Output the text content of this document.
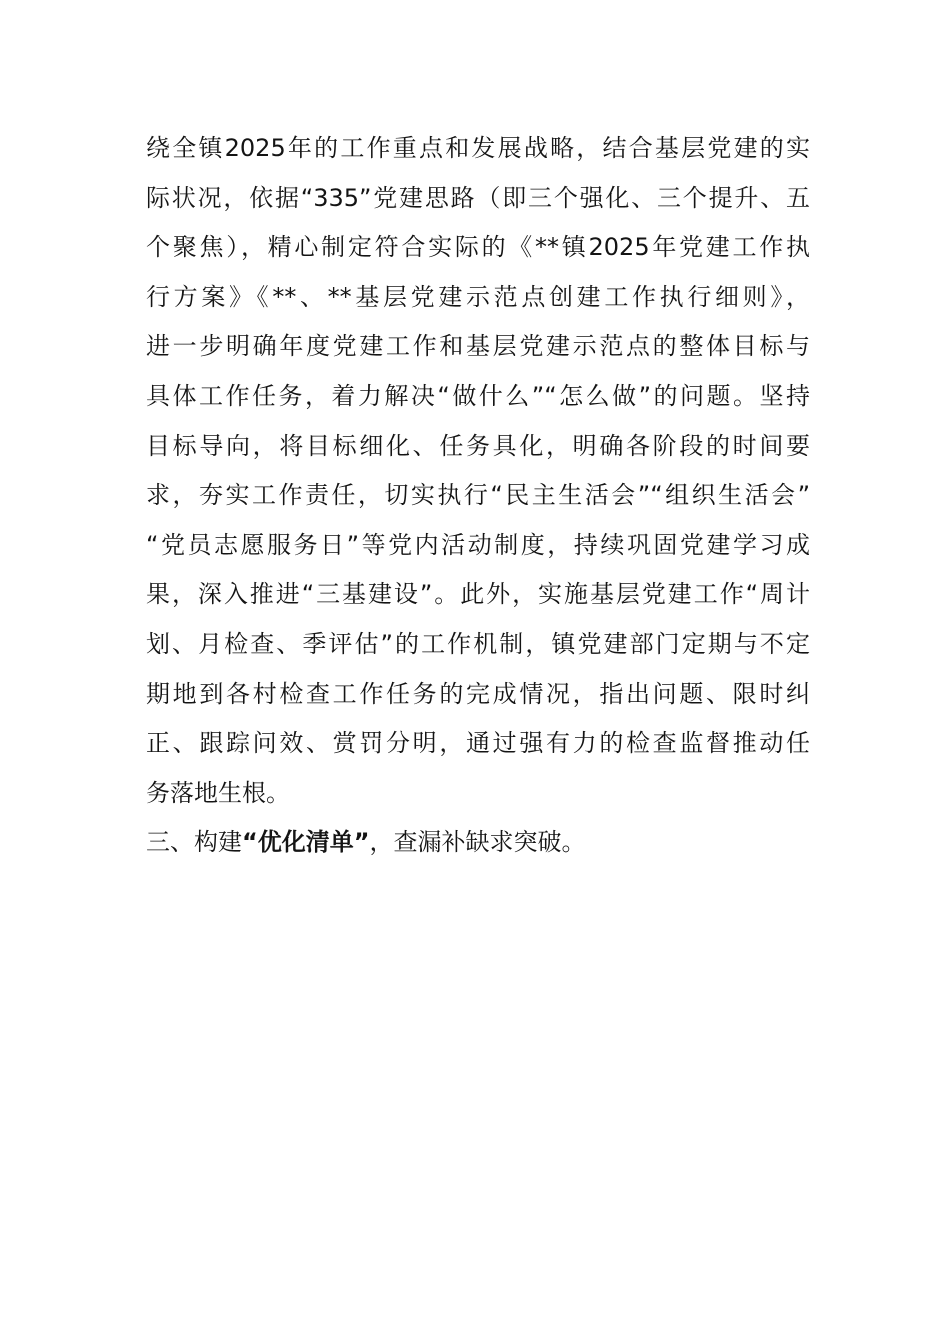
绕全镇2025年的工作重点和发展战略，结合基层党建的实
际状况，依据“335”党建思路（即三个强化、三个提升、五
个聚焦），精心制定符合实际的《**镇2025年党建工作执
行方案》《**、**基层党建示范点创建工作执行细则》，
进一步明确年度党建工作和基层党建示范点的整体目标与
具体工作任务，着力解决“做什么”“怎么做”的问题。坚持
目标导向，将目标细化、任务具化，明确各阶段的时间要
求，夯实工作责任，切实执行“民主生活会”“组织生活会”
“党员志愿服务日”等党内活动制度，持续巩固党建学习成
果，深入推进“三基建设”。此外，实施基层党建工作“周计
划、月检查、季评估”的工作机制，镇党建部门定期与不定
期地到各村检查工作任务的完成情况，指出问题、限时纠
正、跟踪问效、赏罚分明，通过强有力的检查监督推动任
务落地生根。
三、构建“优化清单”，查漏补缺求突破。
